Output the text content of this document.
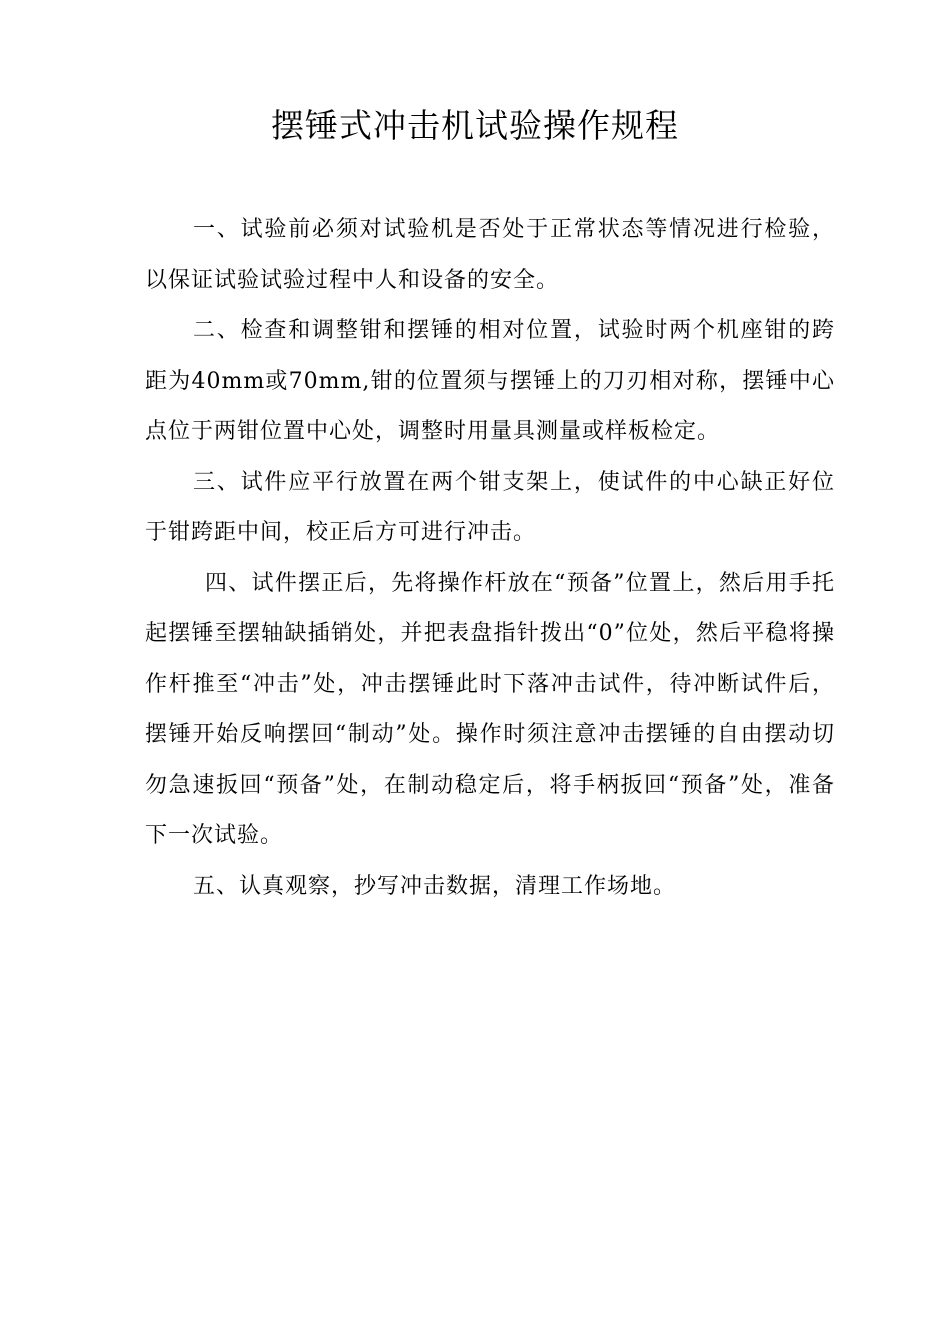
摆锤式冲击机试验操作规程

一、试验前必须对试验机是否处于正常状态等情况进行检验，以保证试验试验过程中人和设备的安全。

二、检查和调整钳和摆锤的相对位置，试验时两个机座钳的跨距为40mm或70mm,钳的位置须与摆锤上的刀刃相对称，摆锤中心点位于两钳位置中心处，调整时用量具测量或样板检定。

三、试件应平行放置在两个钳支架上，使试件的中心缺正好位于钳跨距中间，校正后方可进行冲击。

四、试件摆正后，先将操作杆放在“预备”位置上，然后用手托起摆锤至摆轴缺插销处，并把表盘指针拨出“0”位处，然后平稳将操作杆推至“冲击”处，冲击摆锤此时下落冲击试件，待冲断试件后，摆锤开始反响摆回“制动”处。操作时须注意冲击摆锤的自由摆动切勿急速扳回“预备”处，在制动稳定后，将手柄扳回“预备”处，准备下一次试验。

五、认真观察，抄写冲击数据，清理工作场地。
